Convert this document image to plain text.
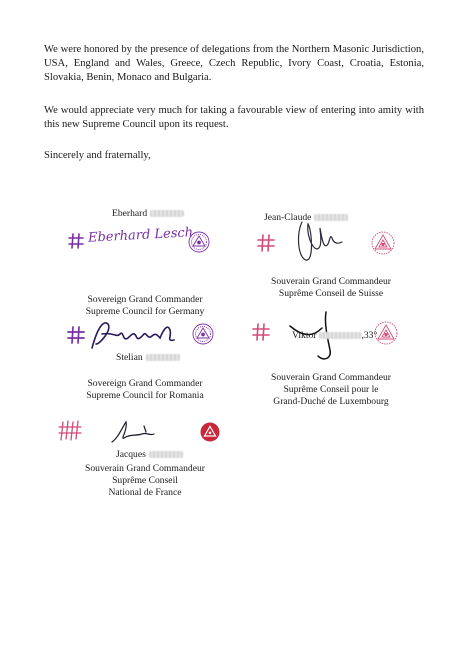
We were honored by the presence of delegations from the Northern Masonic Jurisdiction, USA, England and Wales, Greece, Czech Republic, Ivory Coast, Croatia, Estonia, Slovakia, Benin, Monaco and Bulgaria.
We would appreciate very much for taking a favourable view of entering into amity with this new Supreme Council upon its request.
Sincerely and fraternally,
Eberhard
Eberhard Lesch
Sovereign Grand Commander
Supreme Council for Germany
Jean-Claude
Souverain Grand Commandeur
Suprême Conseil de Suisse
Stelian
Sovereign Grand Commander
Supreme Council for Romania
Viktor	,33°
Souverain Grand Commandeur
Suprême Conseil pour le
Grand-Duché de Luxembourg
Jacques
Souverain Grand Commandeur
Suprême Conseil
National de France
